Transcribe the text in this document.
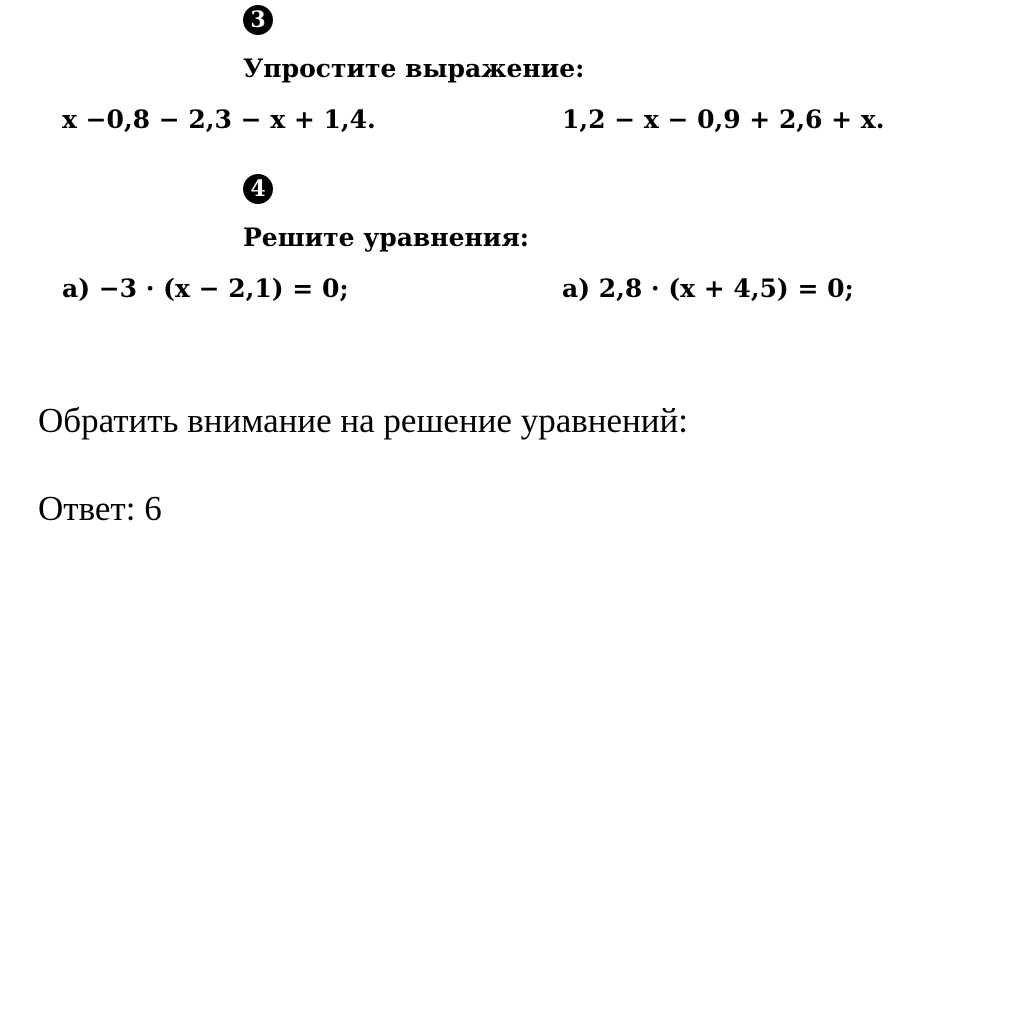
3
Упростите выражение:
x −0,8 − 2,3 − x + 1,4.	1,2 − x − 0,9 + 2,6 + x.
4
Решите уравнения:
а) −3 · (x − 2,1) = 0;	а) 2,8 · (x + 4,5) = 0;
Обратить внимание на решение уравнений:
Ответ: 6
